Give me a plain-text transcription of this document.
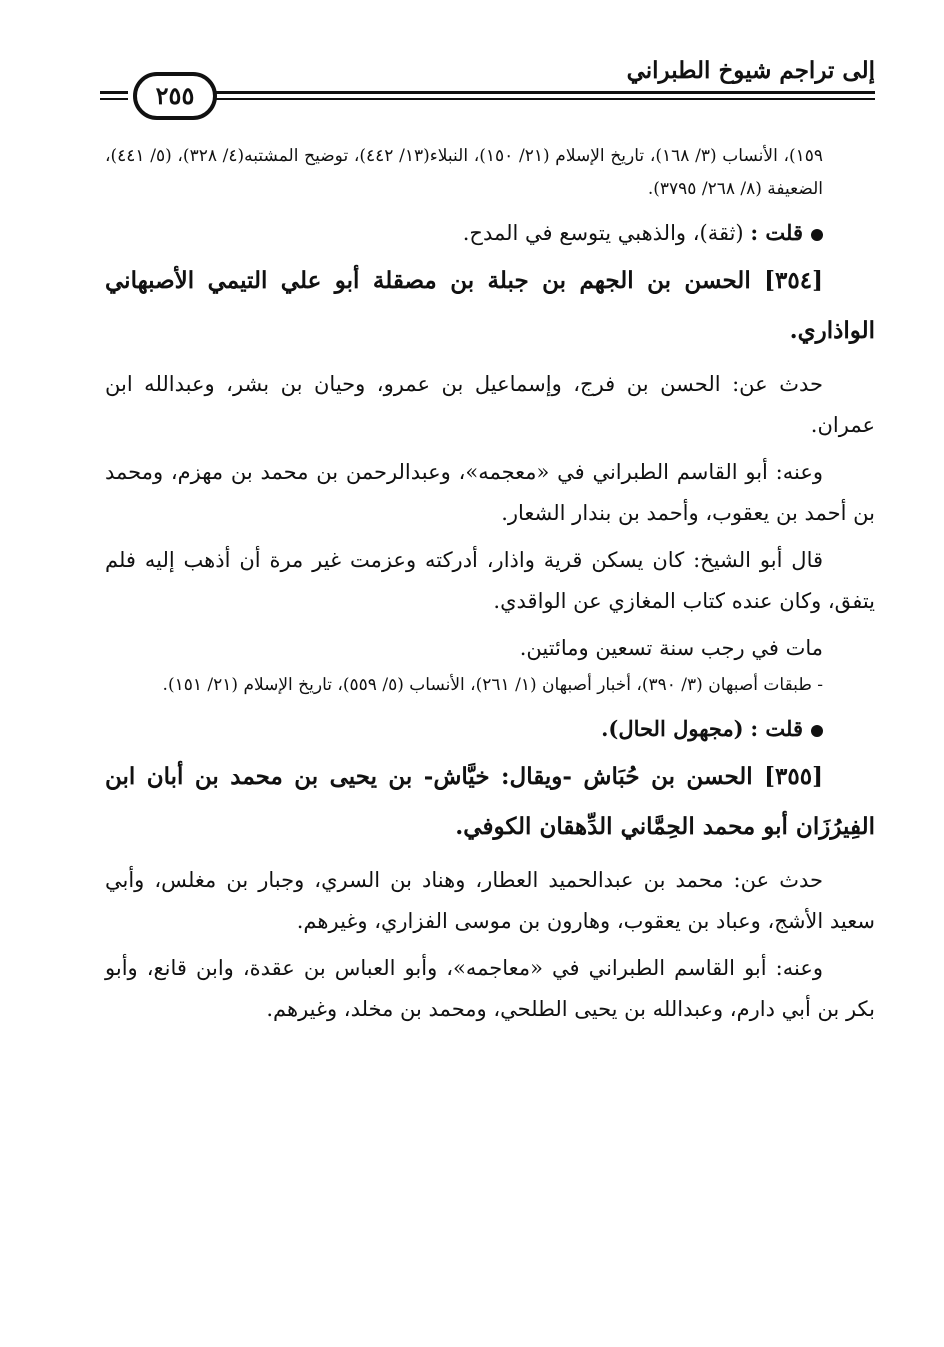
إلى تراجم شيوخ الطبراني
٢٥٥

١٥٩)، الأنساب (٣/ ١٦٨)، تاريخ الإسلام (٢١/ ١٥٠)، النبلاء(١٣/ ٤٤٢)، توضيح المشتبه(٤/ ٣٢٨)، (٥/ ٤٤١)، الضعيفة (٨/ ٢٦٨/ ٣٧٩٥).

قلت : (ثقة)، والذهبي يتوسع في المدح.

[٣٥٤] الحسن بن الجهم بن جبلة بن مصقلة أبو علي التيمي الأصبهاني الواذاري.

حدث عن: الحسن بن فرج، وإسماعيل بن عمرو، وحيان بن بشر، وعبدالله ابن عمران.

وعنه: أبو القاسم الطبراني في «معجمه»، وعبدالرحمن بن محمد بن مهزم، ومحمد بن أحمد بن يعقوب، وأحمد بن بندار الشعار.

قال أبو الشيخ: كان يسكن قرية واذار، أدركته وعزمت غير مرة أن أذهب إليه فلم يتفق، وكان عنده كتاب المغازي عن الواقدي.

مات في رجب سنة تسعين ومائتين.

- طبقات أصبهان (٣/ ٣٩٠)، أخبار أصبهان (١/ ٢٦١)، الأنساب (٥/ ٥٥٩)، تاريخ الإسلام (٢١/ ١٥١).

قلت : (مجهول الحال).

[٣٥٥] الحسن بن حُبَاش -ويقال: خيَّاش- بن يحيى بن محمد بن أبان ابن الفِيرُزَان أبو محمد الحِمَّاني الدِّهقان الكوفي.

حدث عن: محمد بن عبدالحميد العطار، وهناد بن السري، وجبار بن مغلس، وأبي سعيد الأشج، وعباد بن يعقوب، وهارون بن موسى الفزاري، وغيرهم.

وعنه: أبو القاسم الطبراني في «معاجمه»، وأبو العباس بن عقدة، وابن قانع، وأبو بكر بن أبي دارم، وعبدالله بن يحيى الطلحي، ومحمد بن مخلد، وغيرهم.
